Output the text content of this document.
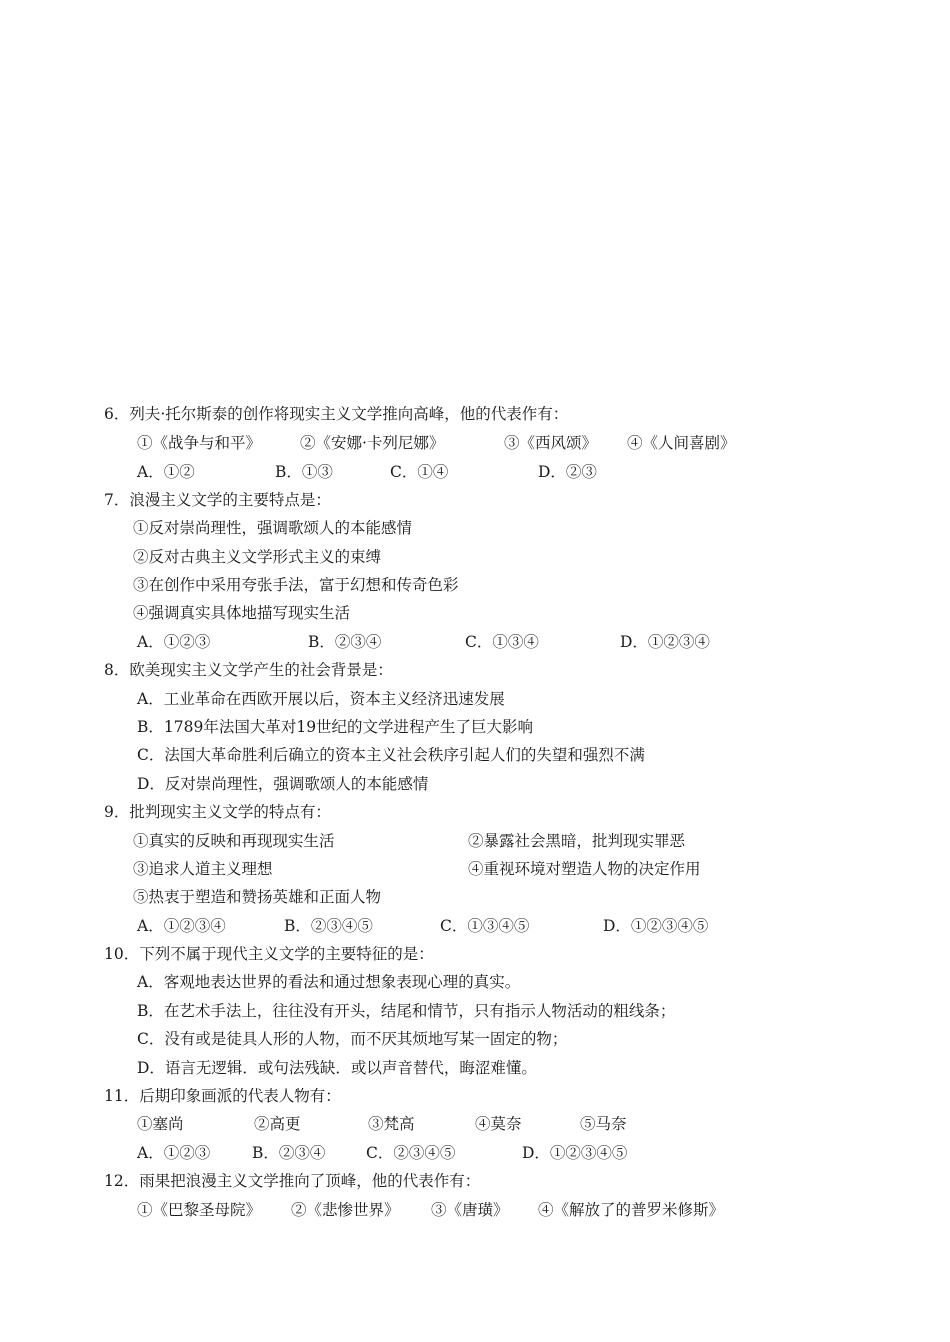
6．列夫·托尔斯泰的创作将现实主义文学推向高峰，他的代表作有：
①《战争与和平》	②《安娜·卡列尼娜》	③《西风颂》 ④《人间喜剧》
A．①②	B．①③	C．①④	D．②③
7．浪漫主义文学的主要特点是：
①反对崇尚理性，强调歌颂人的本能感情
②反对古典主义文学形式主义的束缚
③在创作中采用夸张手法，富于幻想和传奇色彩
④强调真实具体地描写现实生活
A．①②③	B．②③④	C．①③④	D．①②③④
8．欧美现实主义文学产生的社会背景是：
A．工业革命在西欧开展以后，资本主义经济迅速发展
B．1789年法国大革对19世纪的文学进程产生了巨大影响
C．法国大革命胜利后确立的资本主义社会秩序引起人们的失望和强烈不满
D．反对崇尚理性，强调歌颂人的本能感情
9．批判现实主义文学的特点有：
①真实的反映和再现现实生活	②暴露社会黑暗，批判现实罪恶
③追求人道主义理想	④重视环境对塑造人物的决定作用
⑤热衷于塑造和赞扬英雄和正面人物
A．①②③④	B．②③④⑤	C．①③④⑤	D．①②③④⑤
10．下列不属于现代主义文学的主要特征的是：
A．客观地表达世界的看法和通过想象表现心理的真实。
B．在艺术手法上，往往没有开头，结尾和情节，只有指示人物活动的粗线条；
C．没有或是徒具人形的人物，而不厌其烦地写某一固定的物；
D．语言无逻辑．或句法残缺．或以声音替代，晦涩难懂。
11．后期印象画派的代表人物有：
①塞尚	②高更	③梵高	④莫奈	⑤马奈
A．①②③	B．②③④	C．②③④⑤	D．①②③④⑤
12．雨果把浪漫主义文学推向了顶峰，他的代表作有：
①《巴黎圣母院》 ②《悲惨世界》 ③《唐璜》 ④《解放了的普罗米修斯》
